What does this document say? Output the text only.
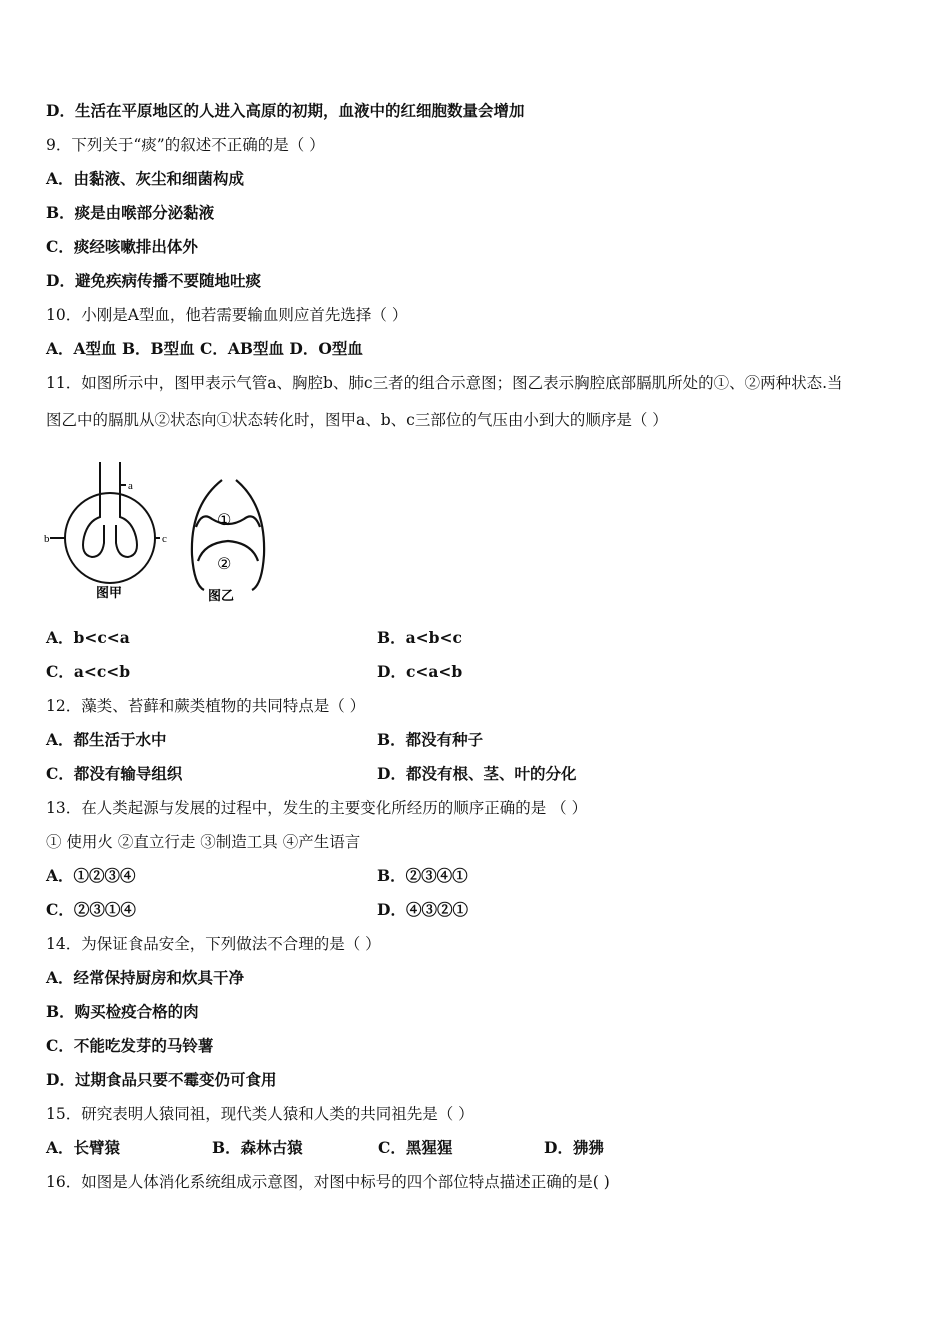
D．生活在平原地区的人进入高原的初期，血液中的红细胞数量会增加
9．下列关于“痰”的叙述不正确的是（ ）
A．由黏液、灰尘和细菌构成
B．痰是由喉部分泌黏液
C．痰经咳嗽排出体外
D．避免疾病传播不要随地吐痰
10．小刚是A型血，他若需要输血则应首先选择（ ）
A．A型血 B．B型血 C．AB型血 D．O型血
11．如图所示中，图甲表示气管a、胸腔b、肺c三者的组合示意图；图乙表示胸腔底部膈肌所处的①、②两种状态.当
图乙中的膈肌从②状态向①状态转化时，图甲a、b、c三部位的气压由小到大的顺序是（ ）
a
b	c
图甲
①
②
图乙
A．b<c<a	B．a<b<c
C．a<c<b	D．c<a<b
12．藻类、苔藓和蕨类植物的共同特点是（ ）
A．都生活于水中	B．都没有种子
C．都没有输导组织	D．都没有根、茎、叶的分化
13．在人类起源与发展的过程中，发生的主要变化所经历的顺序正确的是 （ ）
① 使用火 ②直立行走 ③制造工具 ④产生语言
A．①②③④	B．②③④①
C．②③①④	D．④③②①
14．为保证食品安全，下列做法不合理的是（ ）
A．经常保持厨房和炊具干净
B．购买检疫合格的肉
C．不能吃发芽的马铃薯
D．过期食品只要不霉变仍可食用
15．研究表明人猿同祖，现代类人猿和人类的共同祖先是（ ）
A．长臂猿	B．森林古猿	C．黑猩猩	D．狒狒
16．如图是人体消化系统组成示意图，对图中标号的四个部位特点描述正确的是( )
